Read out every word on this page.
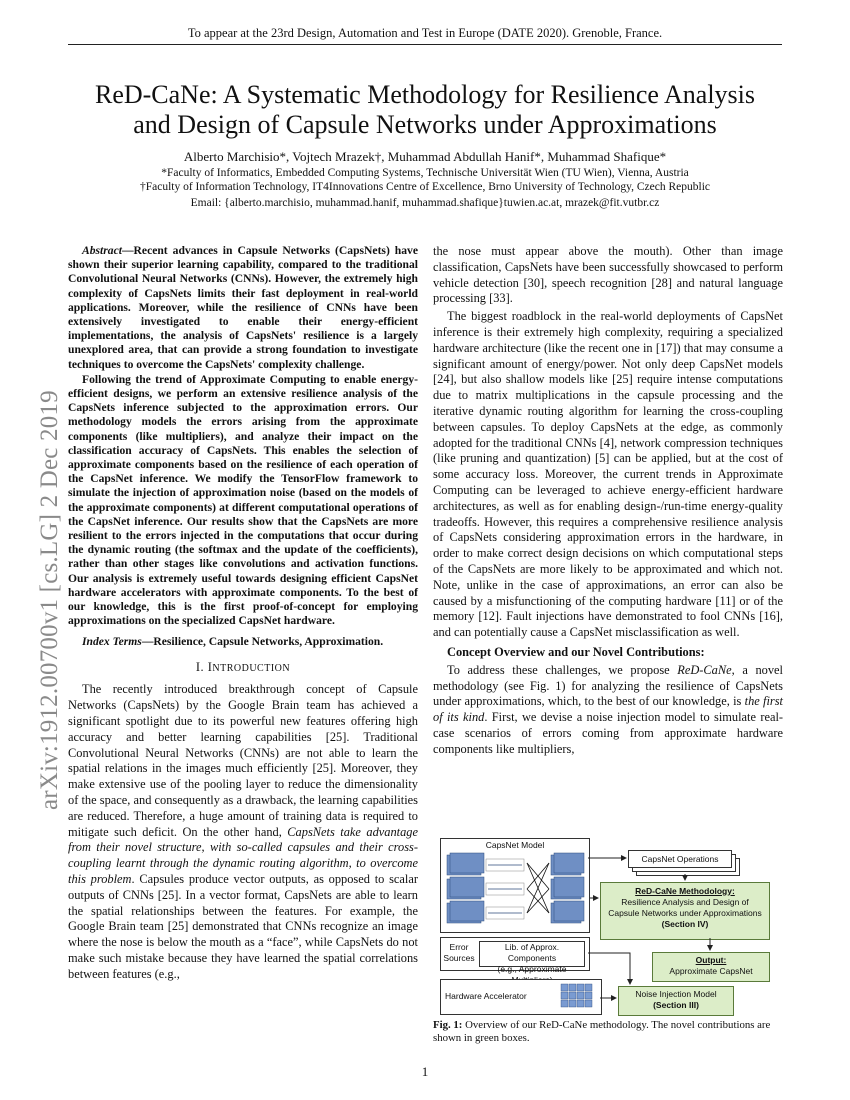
To appear at the 23rd Design, Automation and Test in Europe (DATE 2020). Grenoble, France.
ReD-CaNe: A Systematic Methodology for Resilience Analysis
and Design of Capsule Networks under Approximations
Alberto Marchisio*, Vojtech Mrazek†, Muhammad Abdullah Hanif*, Muhammad Shafique*
*Faculty of Informatics, Embedded Computing Systems, Technische Universität Wien (TU Wien), Vienna, Austria
†Faculty of Information Technology, IT4Innovations Centre of Excellence, Brno University of Technology, Czech Republic
Email: {alberto.marchisio, muhammad.hanif, muhammad.shafique}tuwien.ac.at, mrazek@fit.vutbr.cz
arXiv:1912.00700v1 [cs.LG] 2 Dec 2019

Abstract—Recent advances in Capsule Networks (CapsNets) have shown their superior learning capability, compared to the traditional Convolutional Neural Networks (CNNs). However, the extremely high complexity of CapsNets limits their fast deployment in real-world applications. Moreover, while the resilience of CNNs have been extensively investigated to enable their energy-efficient implementations, the analysis of CapsNets' resilience is a largely unexplored area, that can provide a strong foundation to investigate techniques to overcome the CapsNets' complexity challenge.

Following the trend of Approximate Computing to enable energy-efficient designs, we perform an extensive resilience analysis of the CapsNets inference subjected to the approximation errors. Our methodology models the errors arising from the approximate components (like multipliers), and analyze their impact on the classification accuracy of CapsNets. This enables the selection of approximate components based on the resilience of each operation of the CapsNet inference. We modify the TensorFlow framework to simulate the injection of approximation noise (based on the models of the approximate components) at different computational operations of the CapsNet inference. Our results show that the CapsNets are more resilient to the errors injected in the computations that occur during the dynamic routing (the softmax and the update of the coefficients), rather than other stages like convolutions and activation functions. Our analysis is extremely useful towards designing efficient CapsNet hardware accelerators with approximate components. To the best of our knowledge, this is the first proof-of-concept for employing approximations on the specialized CapsNet hardware.

Index Terms—Resilience, Capsule Networks, Approximation.

I. INTRODUCTION

The recently introduced breakthrough concept of Capsule Networks (CapsNets) by the Google Brain team has achieved a significant spotlight due to its powerful new features offering high accuracy and better learning capabilities [25]. Traditional Convolutional Neural Networks (CNNs) are not able to learn the spatial relations in the images much efficiently [25]. Moreover, they make extensive use of the pooling layer to reduce the dimensionality of the space, and consequently as a drawback, the learning capabilities are reduced. Therefore, a huge amount of training data is required to mitigate such deficit. On the other hand, CapsNets take advantage from their novel structure, with so-called capsules and their cross-coupling learnt through the dynamic routing algorithm, to overcome this problem. Capsules produce vector outputs, as opposed to scalar outputs of CNNs [25]. In a vector format, CapsNets are able to learn the spatial relationships between the features. For example, the Google Brain team [25] demonstrated that CNNs recognize an image where the nose is below the mouth as a “face”, while CapsNets do not make such mistake because they have learned the spatial correlations between features (e.g.,

the nose must appear above the mouth). Other than image classification, CapsNets have been successfully showcased to perform vehicle detection [30], speech recognition [28] and natural language processing [33].

The biggest roadblock in the real-world deployments of CapsNet inference is their extremely high complexity, requiring a specialized hardware architecture (like the recent one in [17]) that may consume a significant amount of energy/power. Not only deep CapsNet models [24], but also shallow models like [25] require intense computations due to matrix multiplications in the capsule processing and the iterative dynamic routing algorithm for learning the cross-coupling between capsules. To deploy CapsNets at the edge, as commonly adopted for the traditional CNNs [4], network compression techniques (like pruning and quantization) [5] can be applied, but at the cost of some accuracy loss. Moreover, the current trends in Approximate Computing can be leveraged to achieve energy-efficient hardware architectures, as well as for enabling design-/run-time energy-quality tradeoffs. However, this requires a comprehensive resilience analysis of CapsNets considering approximation errors in the hardware, in order to make correct design decisions on which computational steps of the CapsNets are more likely to be approximated and which not. Note, unlike in the case of approximations, an error can also be caused by a misfunctioning of the computing hardware [11] or of the memory [12]. Fault injections have demonstrated to fool CNNs [16], and can potentially cause a CapsNet misclassification as well.

Concept Overview and our Novel Contributions:

To address these challenges, we propose ReD-CaNe, a novel methodology (see Fig. 1) for analyzing the resilience of CapsNets under approximations, which, to the best of our knowledge, is the first of its kind. First, we devise a noise injection model to simulate real-case scenarios of errors coming from approximate hardware components like multipliers,

CapsNet Model
CapsNet Operations
ReD-CaNe Methodology:
Resilience Analysis and Design of
Capsule Networks under Approximations
(Section IV)
Error Sources
Lib. of Approx. Components
(e.g., Approximate
Output:
Approximate CapsNet
Hardware Accelerator	Noise Injection Model
(Section III)
Fig. 1: Overview of our ReD-CaNe methodology. The novel contributions are shown in green boxes.
1
